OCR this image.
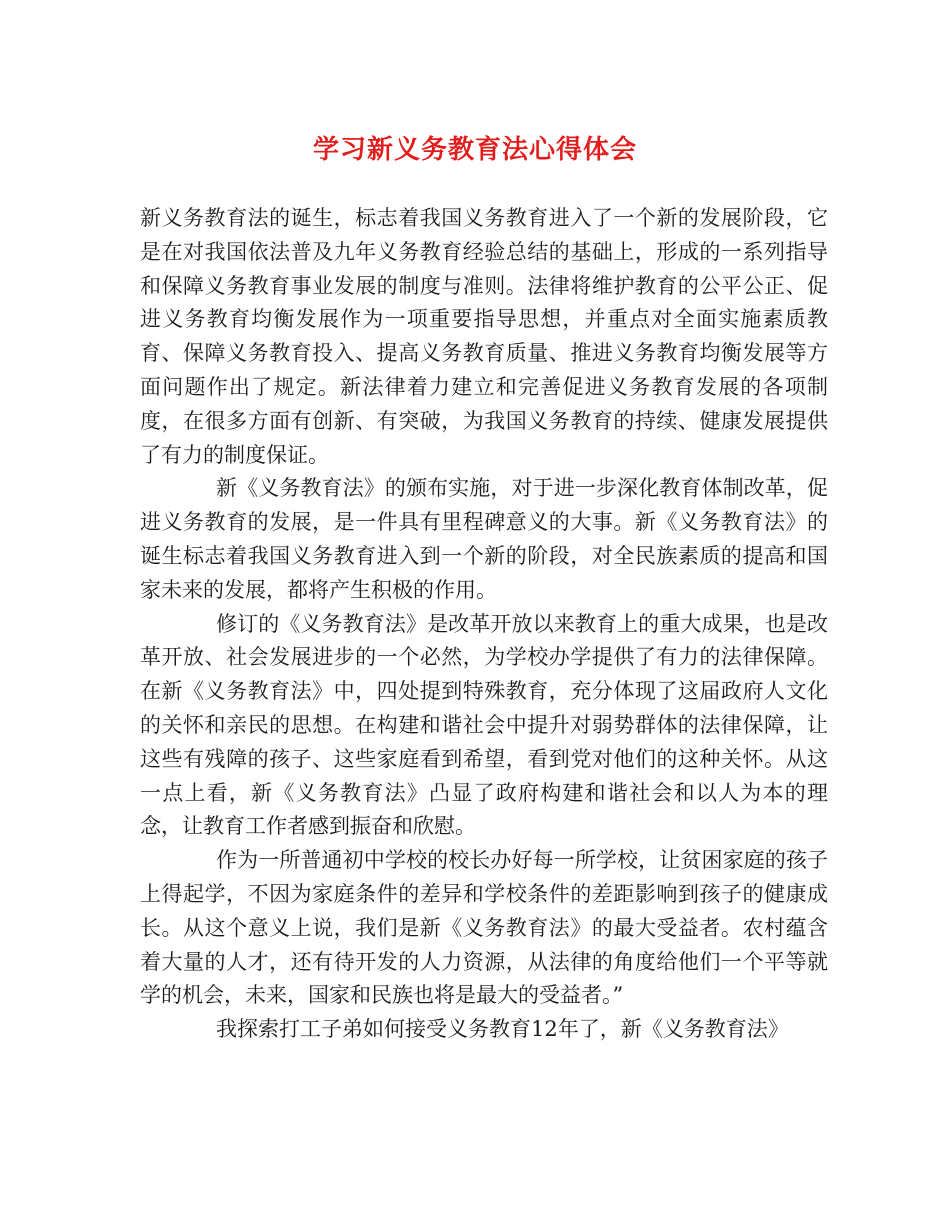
学习新义务教育法心得体会

新义务教育法的诞生，标志着我国义务教育进入了一个新的发展阶段，它是在对我国依法普及九年义务教育经验总结的基础上，形成的一系列指导和保障义务教育事业发展的制度与准则。法律将维护教育的公平公正、促进义务教育均衡发展作为一项重要指导思想，并重点对全面实施素质教育、保障义务教育投入、提高义务教育质量、推进义务教育均衡发展等方面问题作出了规定。新法律着力建立和完善促进义务教育发展的各项制度，在很多方面有创新、有突破，为我国义务教育的持续、健康发展提供了有力的制度保证。

新《义务教育法》的颁布实施，对于进一步深化教育体制改革，促进义务教育的发展，是一件具有里程碑意义的大事。新《义务教育法》的诞生标志着我国义务教育进入到一个新的阶段，对全民族素质的提高和国家未来的发展，都将产生积极的作用。

修订的《义务教育法》是改革开放以来教育上的重大成果，也是改革开放、社会发展进步的一个必然，为学校办学提供了有力的法律保障。在新《义务教育法》中，四处提到特殊教育，充分体现了这届政府人文化的关怀和亲民的思想。在构建和谐社会中提升对弱势群体的法律保障，让这些有残障的孩子、这些家庭看到希望，看到党对他们的这种关怀。从这一点上看，新《义务教育法》凸显了政府构建和谐社会和以人为本的理念，让教育工作者感到振奋和欣慰。

作为一所普通初中学校的校长办好每一所学校，让贫困家庭的孩子上得起学，不因为家庭条件的差异和学校条件的差距影响到孩子的健康成长。从这个意义上说，我们是新《义务教育法》的最大受益者。农村蕴含着大量的人才，还有待开发的人力资源，从法律的角度给他们一个平等就学的机会，未来，国家和民族也将是最大的受益者。”

我探索打工子弟如何接受义务教育12年了，新《义务教育法》
